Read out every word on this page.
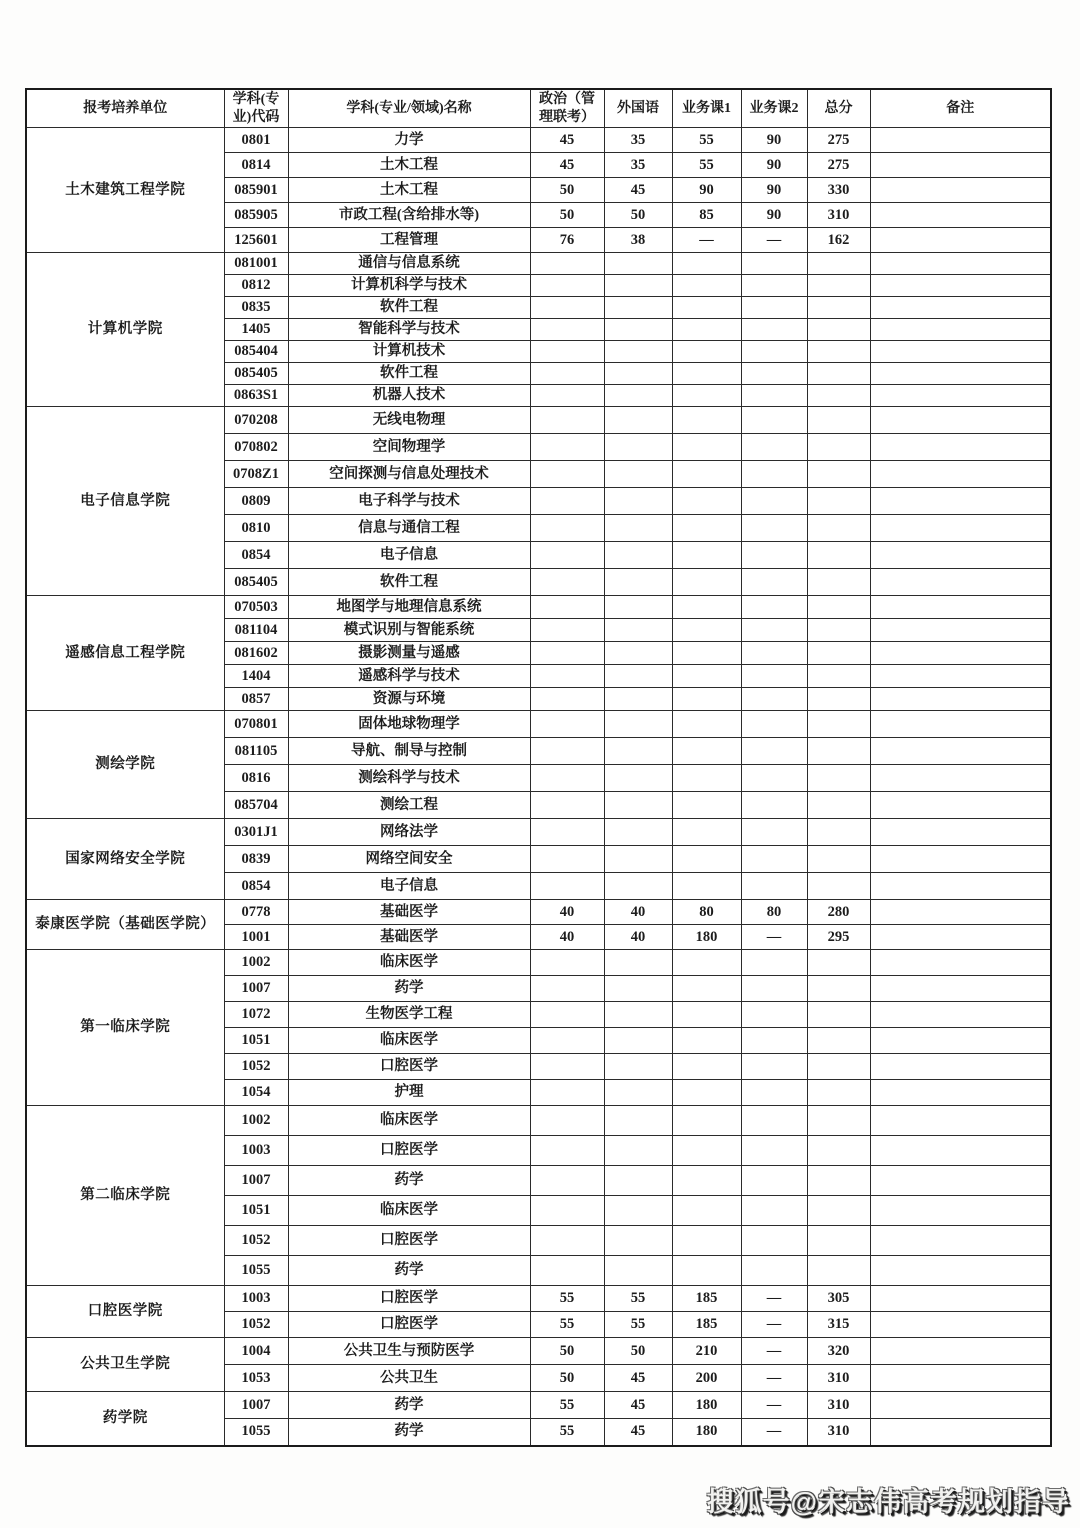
报考培养单位	学科(专业)代码	学科(专业/领域)名称	政治（管理联考）	外国语	业务课1	业务课2	总分	备注
土木建筑工程学院	0801	力学	45	35	55	90	275	
	0814	土木工程	45	35	55	90	275	
	085901	土木工程	50	45	90	90	330	
	085905	市政工程(含给排水等)	50	50	85	90	310	
	125601	工程管理	76	38	—	—	162	
计算机学院	081001	通信与信息系统						
	0812	计算机科学与技术						
	0835	软件工程						
	1405	智能科学与技术						
	085404	计算机技术						
	085405	软件工程						
	0863S1	机器人技术						
电子信息学院	070208	无线电物理						
	070802	空间物理学						
	0708Z1	空间探测与信息处理技术						
	0809	电子科学与技术						
	0810	信息与通信工程						
	0854	电子信息						
	085405	软件工程						
遥感信息工程学院	070503	地图学与地理信息系统						
	081104	模式识别与智能系统						
	081602	摄影测量与遥感						
	1404	遥感科学与技术						
	0857	资源与环境						
测绘学院	070801	固体地球物理学						
	081105	导航、制导与控制						
	0816	测绘科学与技术						
	085704	测绘工程						
国家网络安全学院	0301J1	网络法学						
	0839	网络空间安全						
	0854	电子信息						
泰康医学院（基础医学院）	0778	基础医学	40	40	80	80	280	
	1001	基础医学	40	40	180	—	295	
第一临床学院	1002	临床医学						
	1007	药学						
	1072	生物医学工程						
	1051	临床医学						
	1052	口腔医学						
	1054	护理						
第二临床学院	1002	临床医学						
	1003	口腔医学						
	1007	药学						
	1051	临床医学						
	1052	口腔医学						
	1055	药学						
口腔医学院	1003	口腔医学	55	55	185	—	305	
	1052	口腔医学	55	55	185	—	315	
公共卫生学院	1004	公共卫生与预防医学	50	50	210	—	320	
	1053	公共卫生	50	45	200	—	310	
药学院	1007	药学	55	45	180	—	310	
	1055	药学	55	45	180	—	310	
搜狐号@宋志伟高考规划指导
